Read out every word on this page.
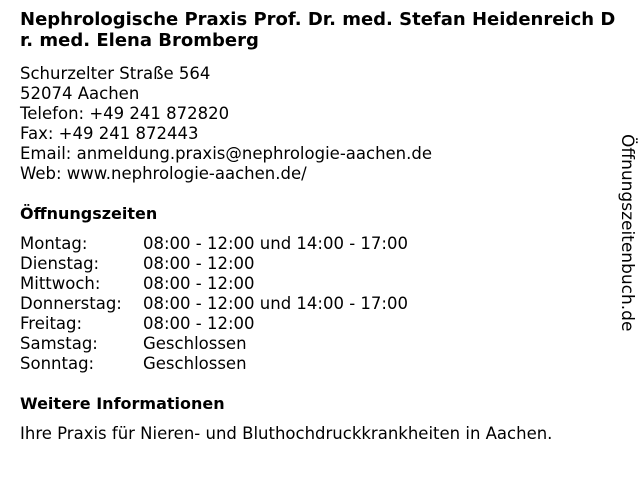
Nephrologische Praxis Prof. Dr. med. Stefan Heidenreich Dr. med. Elena Bromberg
Schurzelter Straße 564
52074 Aachen
Telefon: +49 241 872820
Fax: +49 241 872443
Email: anmeldung.praxis@nephrologie-aachen.de
Web: www.nephrologie-aachen.de/
Öffnungszeiten
Montag:	08:00 - 12:00 und 14:00 - 17:00
Dienstag:	08:00 - 12:00
Mittwoch:	08:00 - 12:00
Donnerstag:	08:00 - 12:00 und 14:00 - 17:00
Freitag:	08:00 - 12:00
Samstag:	Geschlossen
Sonntag:	Geschlossen
Weitere Informationen
Ihre Praxis für Nieren- und Bluthochdruckkrankheiten in Aachen.
Öffnungszeitenbuch.de
